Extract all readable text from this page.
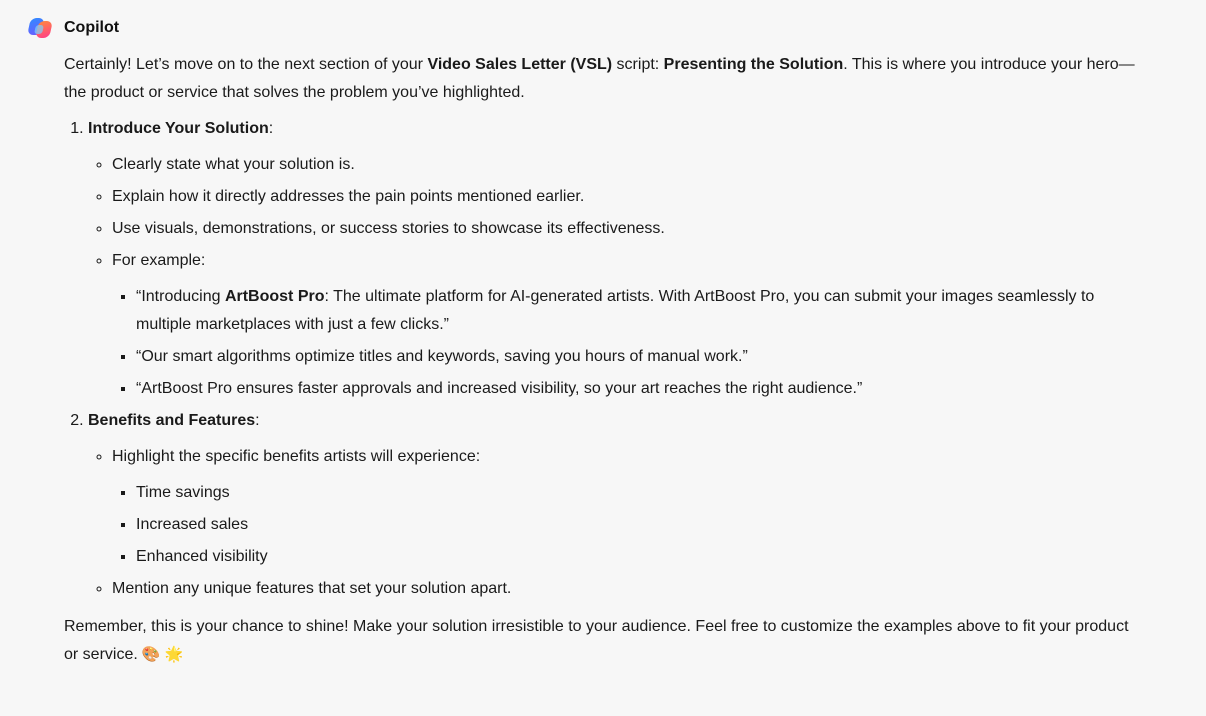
Copilot

Certainly! Let’s move on to the next section of your Video Sales Letter (VSL) script: Presenting the Solution. This is where you introduce your hero—the product or service that solves the problem you’ve highlighted.

1. Introduce Your Solution:
◦ Clearly state what your solution is.
◦ Explain how it directly addresses the pain points mentioned earlier.
◦ Use visuals, demonstrations, or success stories to showcase its effectiveness.
◦ For example:
▪ “Introducing ArtBoost Pro: The ultimate platform for AI-generated artists. With ArtBoost Pro, you can submit your images seamlessly to multiple marketplaces with just a few clicks.”
▪ “Our smart algorithms optimize titles and keywords, saving you hours of manual work.”
▪ “ArtBoost Pro ensures faster approvals and increased visibility, so your art reaches the right audience.”
2. Benefits and Features:
◦ Highlight the specific benefits artists will experience:
▪ Time savings
▪ Increased sales
▪ Enhanced visibility
◦ Mention any unique features that set your solution apart.

Remember, this is your chance to shine! Make your solution irresistible to your audience. Feel free to customize the examples above to fit your product or service. 🎨 🌟
